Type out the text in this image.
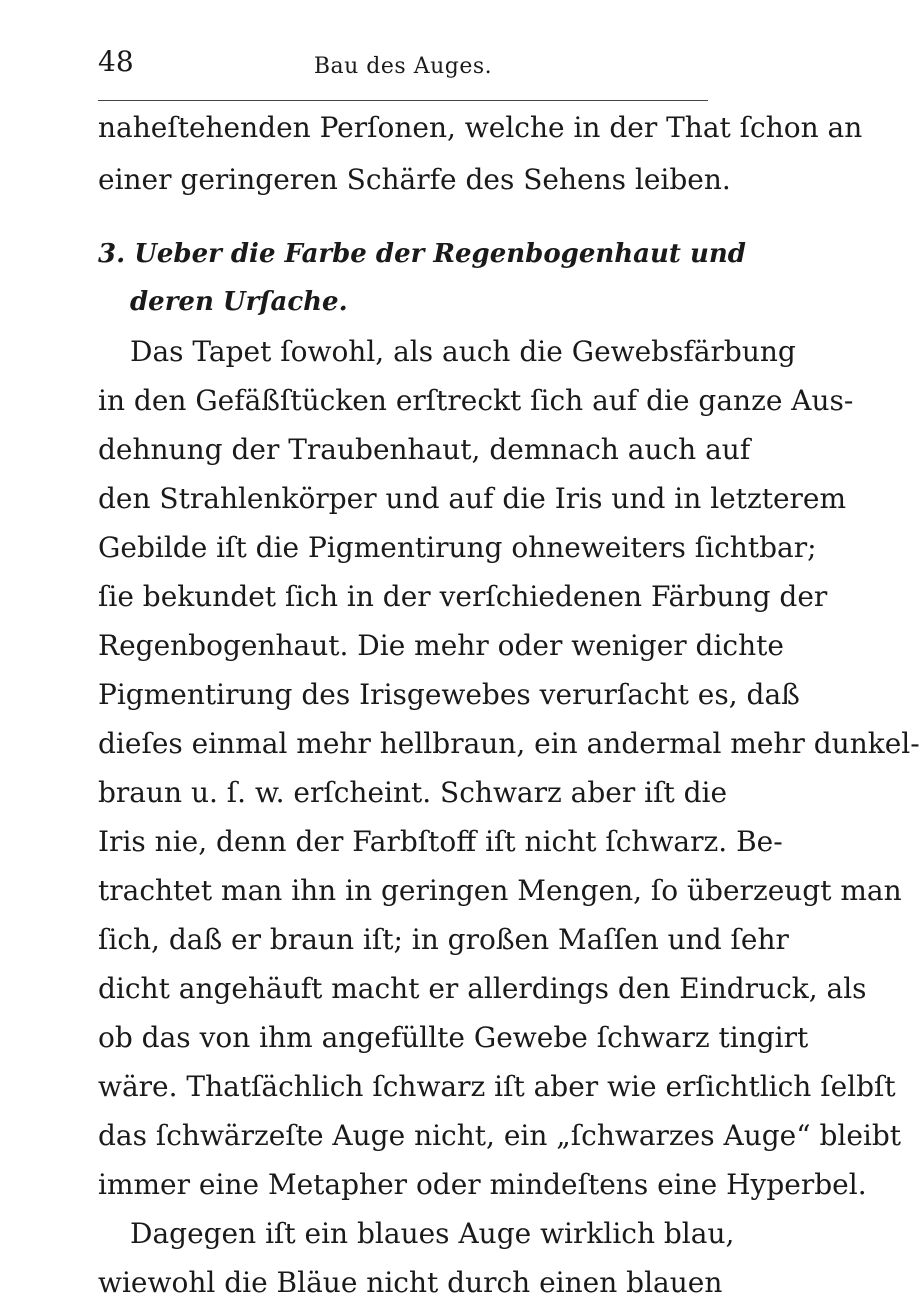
48	Bau des Auges.
naheſtehenden Perſonen, welche in der That ſchon an
einer geringeren Schärfe des Sehens leiben.
3. Ueber die Farbe der Regenbogenhaut und
deren Urſache.
Das Tapet ſowohl, als auch die Gewebsfärbung
in den Gefäßſtücken erſtreckt ſich auf die ganze Aus-
dehnung der Traubenhaut, demnach auch auf
den Strahlenkörper und auf die Iris und in letzterem
Gebilde iſt die Pigmentirung ohneweiters ſichtbar;
ſie bekundet ſich in der verſchiedenen Färbung der
Regenbogenhaut. Die mehr oder weniger dichte
Pigmentirung des Irisgewebes verurſacht es, daß
dieſes einmal mehr hellbraun, ein andermal mehr dunkel-
braun u. ſ. w. erſcheint. Schwarz aber iſt die
Iris nie, denn der Farbſtoff iſt nicht ſchwarz. Be-
trachtet man ihn in geringen Mengen, ſo überzeugt man
ſich, daß er braun iſt; in großen Maſſen und ſehr
dicht angehäuft macht er allerdings den Eindruck, als
ob das von ihm angefüllte Gewebe ſchwarz tingirt
wäre. Thatſächlich ſchwarz iſt aber wie erſichtlich ſelbſt
das ſchwärzeſte Auge nicht, ein „ſchwarzes Auge“ bleibt
immer eine Metapher oder mindeſtens eine Hyperbel.
Dagegen iſt ein blaues Auge wirklich blau,
wiewohl die Bläue nicht durch einen blauen
